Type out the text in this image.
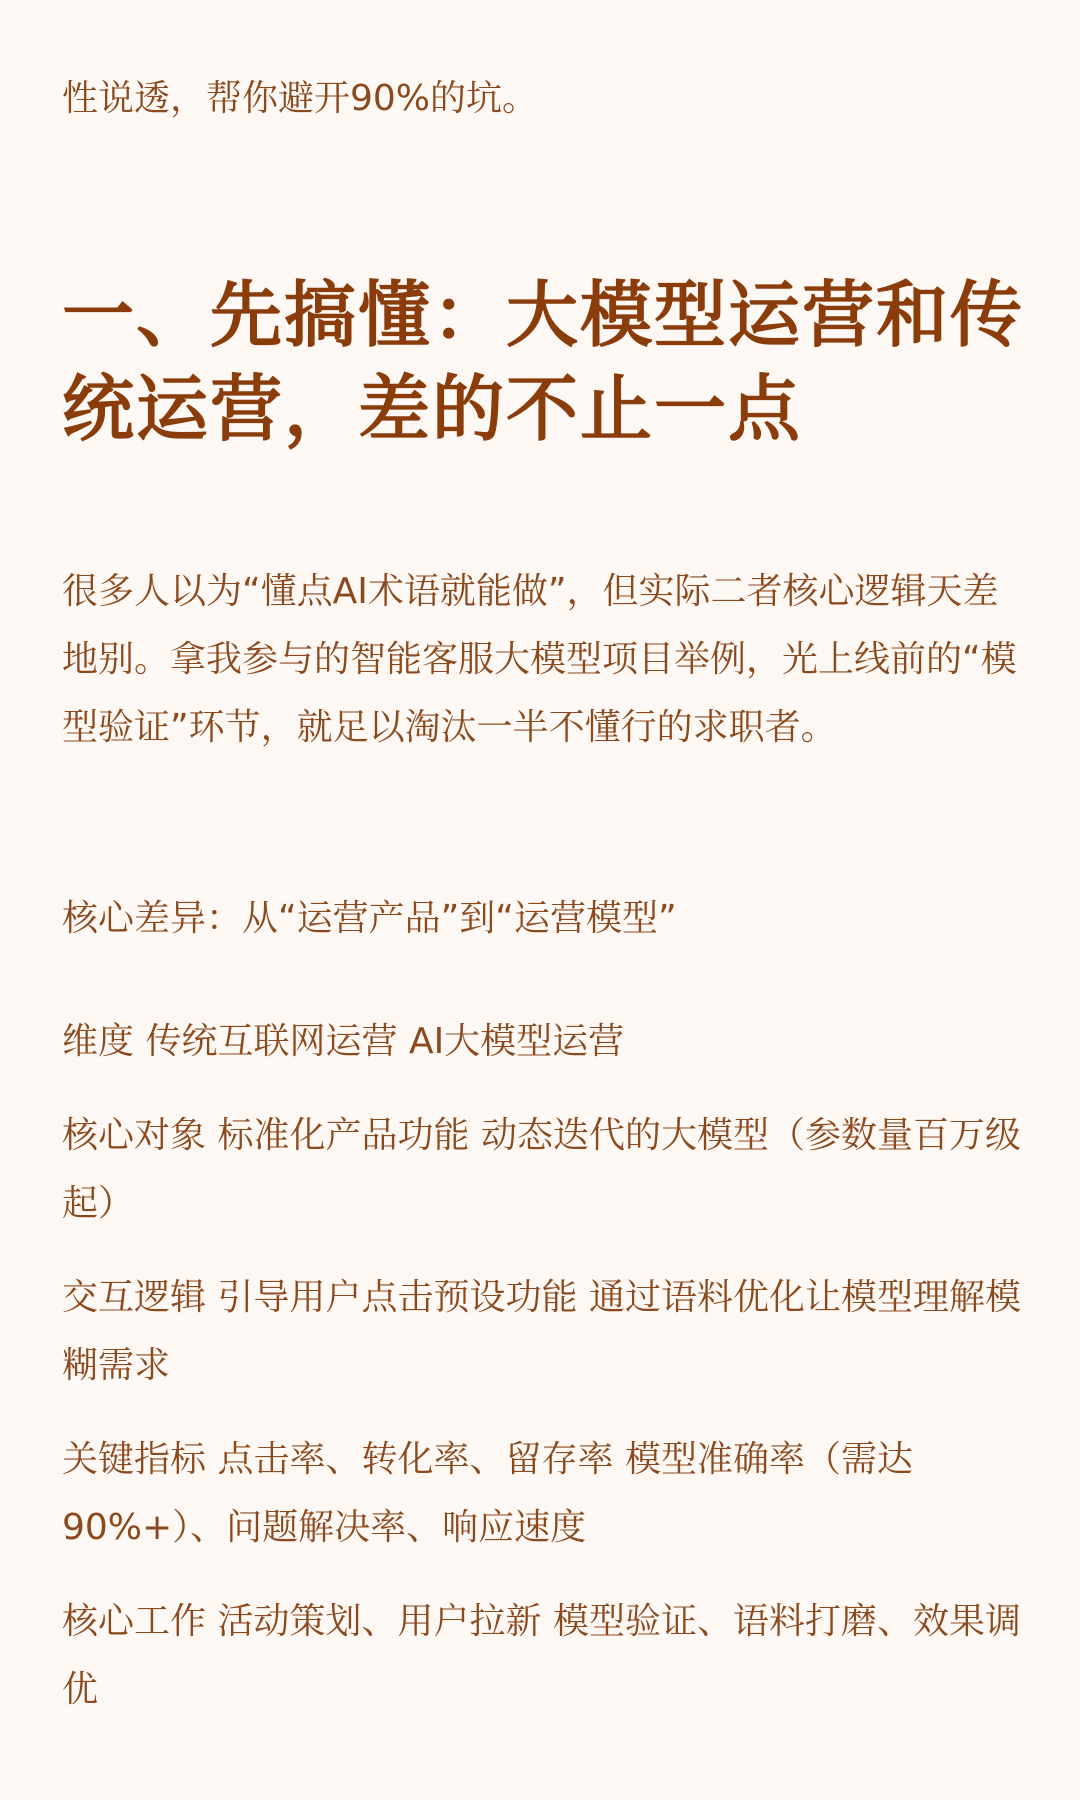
性说透，帮你避开90%的坑。

一、先搞懂：大模型运营和传统运营，差的不止一点

很多人以为“懂点AI术语就能做”，但实际二者核心逻辑天差地别。拿我参与的智能客服大模型项目举例，光上线前的“模型验证”环节，就足以淘汰一半不懂行的求职者。

核心差异：从“运营产品”到“运营模型”

维度 传统互联网运营 AI大模型运营

核心对象 标准化产品功能 动态迭代的大模型（参数量百万级起）

交互逻辑 引导用户点击预设功能 通过语料优化让模型理解模糊需求

关键指标 点击率、转化率、留存率 模型准确率（需达90%+）、问题解决率、响应速度

核心工作 活动策划、用户拉新 模型验证、语料打磨、效果调优
